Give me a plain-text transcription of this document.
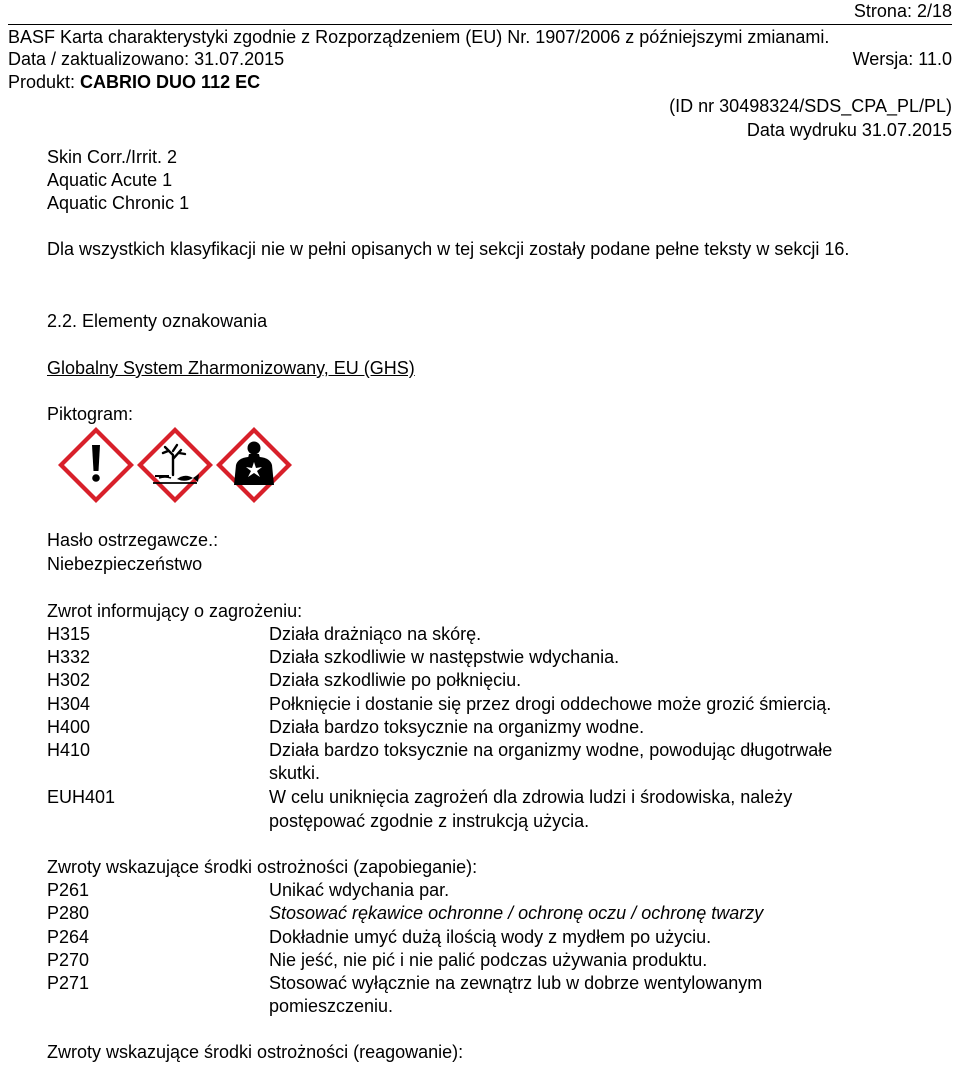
Strona: 2/18
BASF Karta charakterystyki zgodnie z Rozporządzeniem (EU) Nr. 1907/2006 z późniejszymi zmianami.
Data / zaktualizowano: 31.07.2015	Wersja: 11.0
Produkt: CABRIO DUO 112 EC
(ID nr 30498324/SDS_CPA_PL/PL)
Data wydruku 31.07.2015
Skin Corr./Irrit. 2
Aquatic Acute 1
Aquatic Chronic 1
Dla wszystkich klasyfikacji nie w pełni opisanych w tej sekcji zostały podane pełne teksty w sekcji 16.
2.2. Elementy oznakowania
Globalny System Zharmonizowany, EU (GHS)
Piktogram:
Hasło ostrzegawcze.:
Niebezpieczeństwo
Zwrot informujący o zagrożeniu:
H315	Działa drażniąco na skórę.
H332	Działa szkodliwie w następstwie wdychania.
H302	Działa szkodliwie po połknięciu.
H304	Połknięcie i dostanie się przez drogi oddechowe może grozić śmiercią.
H400	Działa bardzo toksycznie na organizmy wodne.
H410	Działa bardzo toksycznie na organizmy wodne, powodując długotrwałe
skutki.
EUH401	W celu uniknięcia zagrożeń dla zdrowia ludzi i środowiska, należy
postępować zgodnie z instrukcją użycia.
Zwroty wskazujące środki ostrożności (zapobieganie):
P261	Unikać wdychania par.
P280	Stosować rękawice ochronne / ochronę oczu / ochronę twarzy
P264	Dokładnie umyć dużą ilością wody z mydłem po użyciu.
P270	Nie jeść, nie pić i nie palić podczas używania produktu.
P271	Stosować wyłącznie na zewnątrz lub w dobrze wentylowanym
pomieszczeniu.
Zwroty wskazujące środki ostrożności (reagowanie):
